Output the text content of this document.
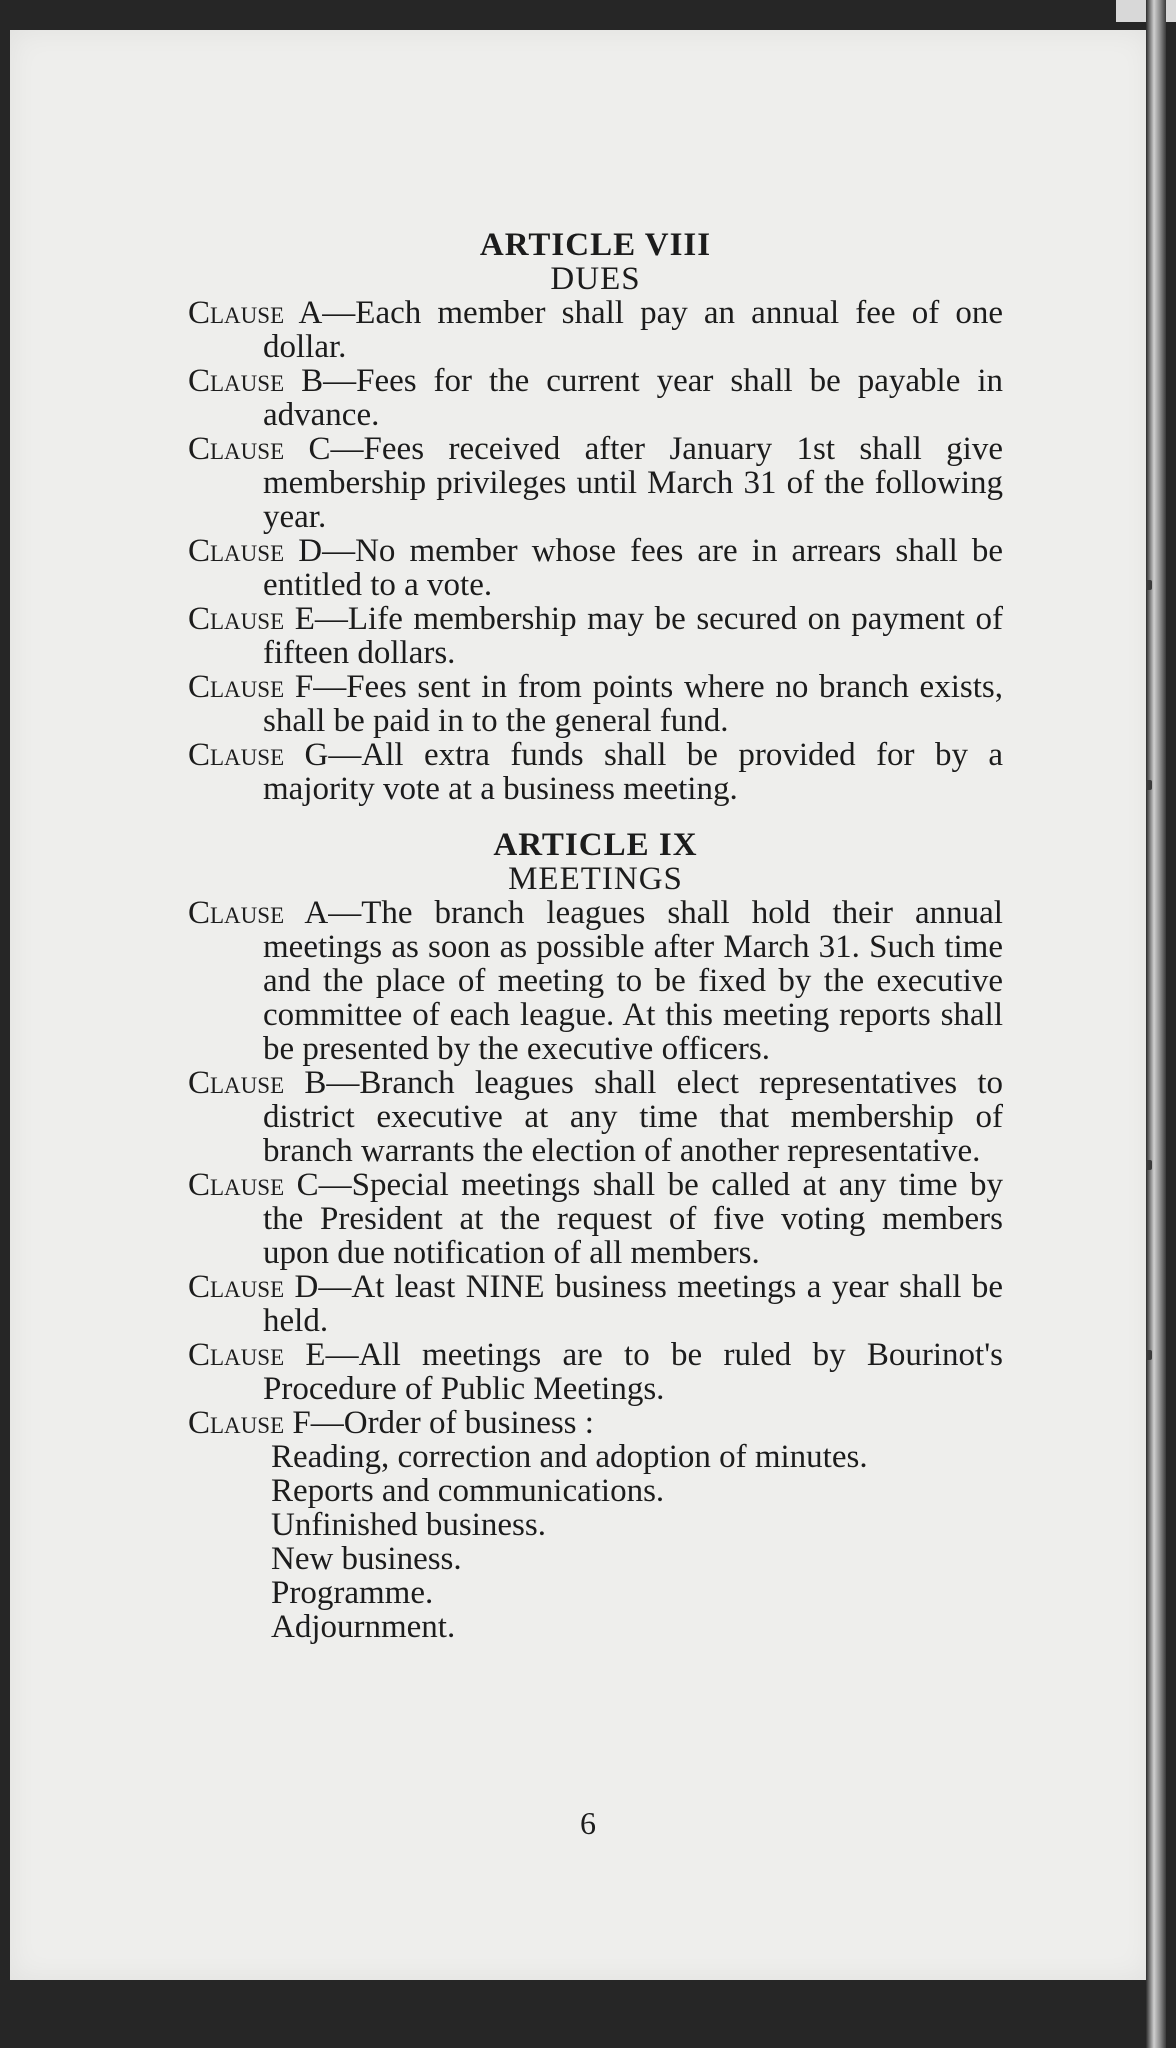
ARTICLE VIII
DUES

Clause A—Each member shall pay an annual fee of one dollar.

Clause B—Fees for the current year shall be payable in advance.

Clause C—Fees received after January 1st shall give membership privileges until March 31 of the following year.

Clause D—No member whose fees are in arrears shall be entitled to a vote.

Clause E—Life membership may be secured on payment of fifteen dollars.

Clause F—Fees sent in from points where no branch exists, shall be paid in to the general fund.

Clause G—All extra funds shall be provided for by a majority vote at a business meeting.

ARTICLE IX
MEETINGS

Clause A—The branch leagues shall hold their annual meetings as soon as possible after March 31. Such time and the place of meeting to be fixed by the executive committee of each league. At this meeting reports shall be presented by the executive officers.

Clause B—Branch leagues shall elect representatives to district executive at any time that membership of branch warrants the election of another representative.

Clause C—Special meetings shall be called at any time by the President at the request of five voting members upon due notification of all members.

Clause D—At least NINE business meetings a year shall be held.

Clause E—All meetings are to be ruled by Bourinot's Procedure of Public Meetings.

Clause F—Order of business :

Reading, correction and adoption of minutes.
Reports and communications.
Unfinished business.
New business.
Programme.
Adjournment.
6
